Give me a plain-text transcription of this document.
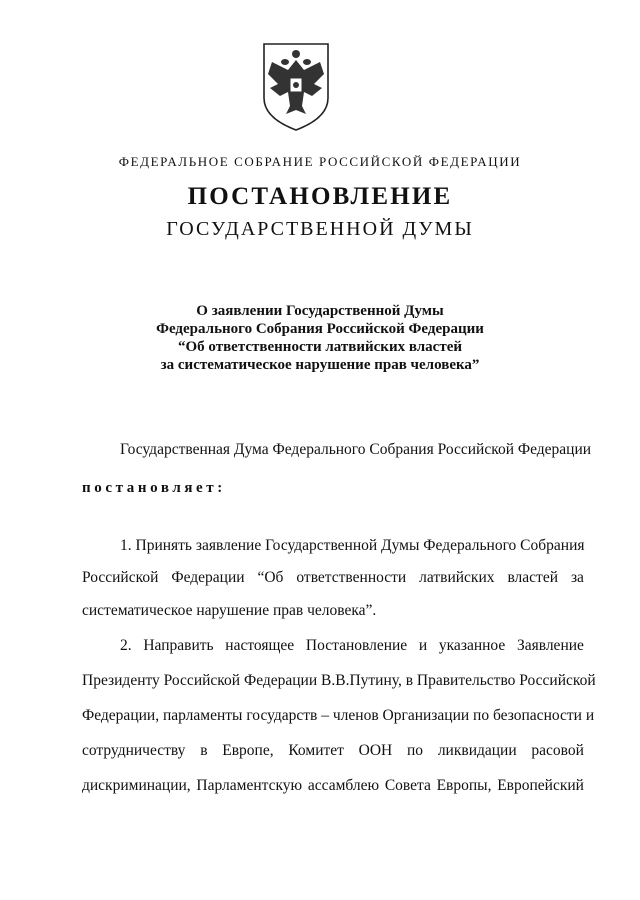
ФЕДЕРАЛЬНОЕ СОБРАНИЕ РОССИЙСКОЙ ФЕДЕРАЦИИ
ПОСТАНОВЛЕНИЕ
ГОСУДАРСТВЕННОЙ ДУМЫ
О заявлении Государственной Думы
Федерального Собрания Российской Федерации
“Об ответственности латвийских властей
за систематическое нарушение прав человека”
Государственная Дума Федерального Собрания Российской Федерации
постановляет:
1. Принять заявление Государственной Думы Федерального Собрания
Российской Федерации “Об ответственности латвийских властей за
систематическое нарушение прав человека”.
2. Направить настоящее Постановление и указанное Заявление
Президенту Российской Федерации В.В.Путину, в Правительство Российской
Федерации, парламенты государств – членов Организации по безопасности и
сотрудничеству в Европе, Комитет ООН по ликвидации расовой
дискриминации, Парламентскую ассамблею Совета Европы, Европейский
